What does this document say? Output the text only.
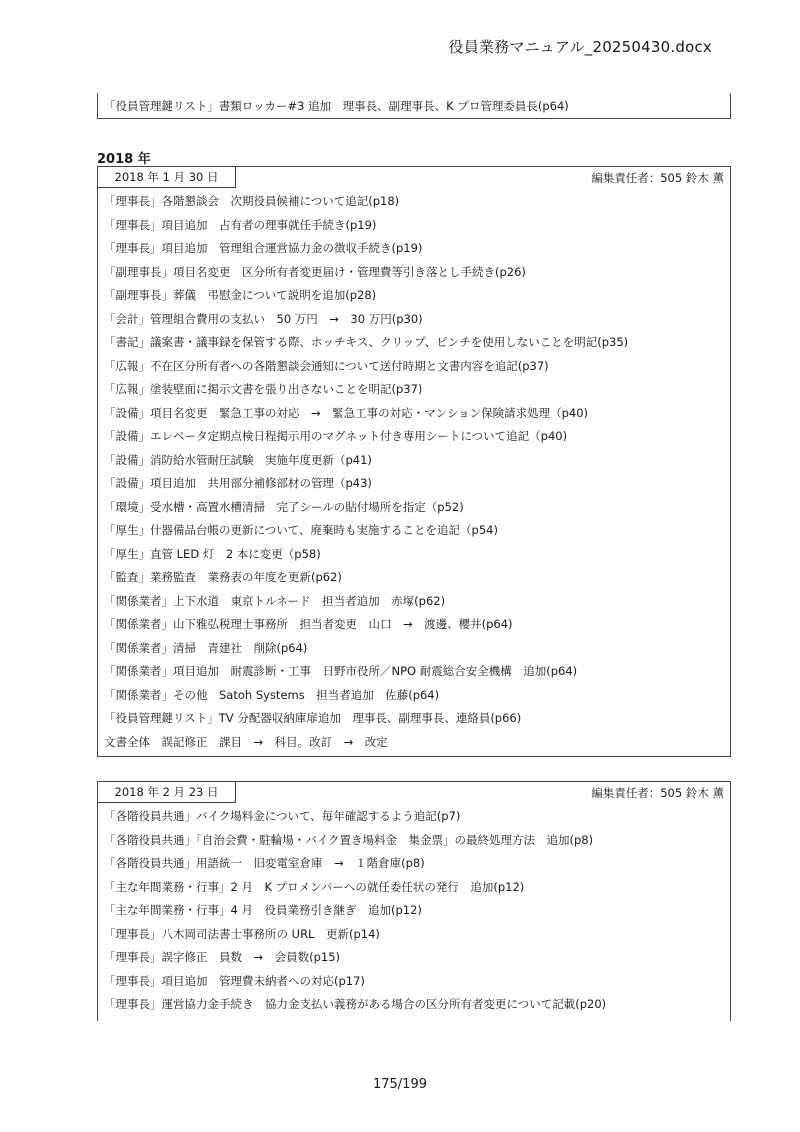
役員業務マニュアル_20250430.docx
「役員管理鍵リスト」書類ロッカー#3 追加　理事長、副理事長、K プロ管理委員長(p64)
2018 年
2018 年 1 月 30 日	編集責任者：505 鈴木 薫
「理事長」各階懇談会　次期役員候補について追記(p18)
「理事長」項目追加　占有者の理事就任手続き(p19)
「理事長」項目追加　管理組合運営協力金の徴収手続き(p19)
「副理事長」項目名変更　区分所有者変更届け・管理費等引き落とし手続き(p26)
「副理事長」葬儀　弔慰金について説明を追加(p28)
「会計」管理組合費用の支払い　50 万円　→　30 万円(p30)
「書記」議案書・議事録を保管する際、ホッチキス、クリップ、ピンチを使用しないことを明記(p35)
「広報」不在区分所有者への各階懇談会通知について送付時期と文書内容を追記(p37)
「広報」塗装壁面に掲示文書を張り出さないことを明記(p37)
「設備」項目名変更　緊急工事の対応　→　緊急工事の対応・マンション保険請求処理（p40)
「設備」エレベータ定期点検日程掲示用のマグネット付き専用シートについて追記（p40)
「設備」消防給水管耐圧試験　実施年度更新（p41)
「設備」項目追加　共用部分補修部材の管理（p43)
「環境」受水槽・高置水槽清掃　完了シールの貼付場所を指定（p52)
「厚生」什器備品台帳の更新について、廃棄時も実施することを追記（p54)
「厚生」直管 LED 灯　2 本に変更（p58)
「監査」業務監査　業務表の年度を更新(p62)
「関係業者」上下水道　東京トルネード　担当者追加　赤塚(p62)
「関係業者」山下雅弘税理士事務所　担当者変更　山口　→　渡邊、櫻井(p64)
「関係業者」清掃　青建社　削除(p64)
「関係業者」項目追加　耐震診断・工事　日野市役所／NPO 耐震総合安全機構　追加(p64)
「関係業者」その他　Satoh Systems　担当者追加　佐藤(p64)
「役員管理鍵リスト」TV 分配器収納庫扉追加　理事長、副理事長、連絡員(p66)
文書全体　誤記修正　課目　→　科目。改訂　→　改定
2018 年 2 月 23 日	編集責任者：505 鈴木 薫
「各階役員共通」バイク場料金について、毎年確認するよう追記(p7)
「各階役員共通」「自治会費・駐輪場・バイク置き場料金　集金票」の最終処理方法　追加(p8)
「各階役員共通」用語統一　旧変電室倉庫　→　１階倉庫(p8)
「主な年間業務・行事」2 月　K プロメンバーへの就任委任状の発行　追加(p12)
「主な年間業務・行事」4 月　役員業務引き継ぎ　追加(p12)
「理事長」八木岡司法書士事務所の URL　更新(p14)
「理事長」誤字修正　員数　→　会員数(p15)
「理事長」項目追加　管理費未納者への対応(p17)
「理事長」運営協力金手続き　協力金支払い義務がある場合の区分所有者変更について記載(p20)
175/199
